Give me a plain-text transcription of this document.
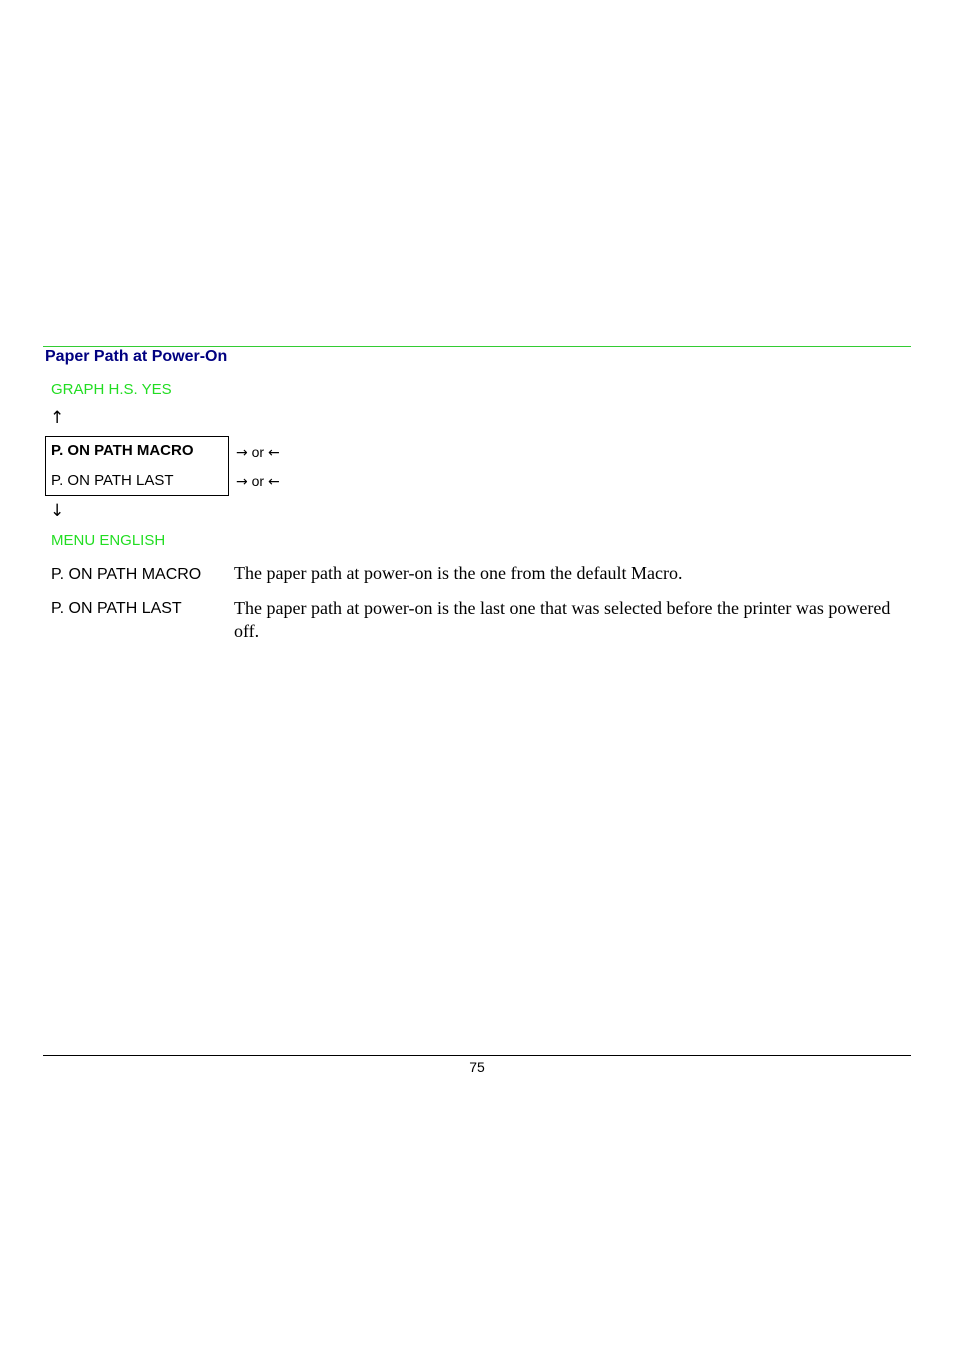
Paper Path at Power-On
GRAPH H.S. YES
↑
P. ON PATH MACRO
P. ON PATH LAST
→ or ←
→ or ←
↓
MENU ENGLISH
P. ON PATH MACRO The paper path at power-on is the one from the default Macro.
P. ON PATH LAST	The paper path at power-on is the last one that was selected before the printer was powered off.
75
